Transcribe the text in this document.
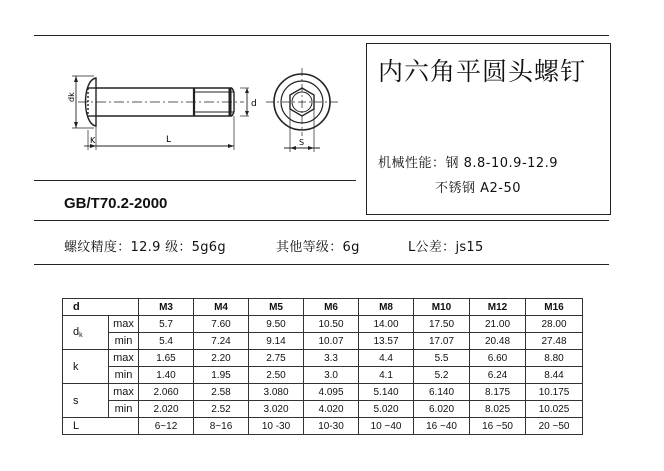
dk
d
K	L	S
内六角平圆头螺钉
机械性能：钢 8.8-10.9-12.9
不锈钢 A2-50
GB/T70.2-2000
螺纹精度：12.9 级：5g6g	其他等级：6g	L公差：js15
d		M3	M4	M5	M6	M8	M10	M12	M16
dk	max	5.7	7.60	9.50	10.50	14.00	17.50	21.00	28.00
	min	5.4	7.24	9.14	10.07	13.57	17.07	20.48	27.48
k	max	1.65	2.20	2.75	3.3	4.4	5.5	6.60	8.80
	min	1.40	1.95	2.50	3.0	4.1	5.2	6.24	8.44
s	max	2.060	2.58	3.080	4.095	5.140	6.140	8.175	10.175
	min	2.020	2.52	3.020	4.020	5.020	6.020	8.025	10.025
L		6~12	8~16	10 -30	10-30	10 ~40	16 ~40	16 ~50	20 ~50
